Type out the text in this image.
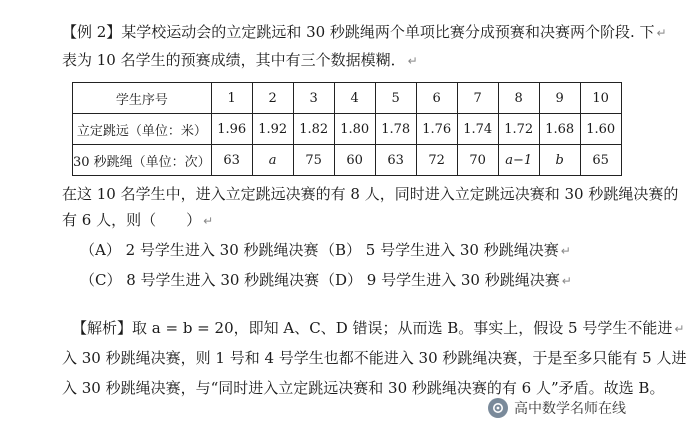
【例 2】某学校运动会的立定跳远和 30 秒跳绳两个单项比赛分成预赛和决赛两个阶段. 下 ↵
表为 10 名学生的预赛成绩，其中有三个数据模糊． ↵
学生序号	1	2	3	4	5	6	7	8	9	10
立定跳远（单位：米）	1.96	1.92	1.82	1.80	1.78	1.76	1.74	1.72	1.68	1.60
30 秒跳绳（单位：次）	63	a	75	60	63	72	70	a−1	b	65
在这 10 名学生中，进入立定跳远决赛的有 8 人，同时进入立定跳远决赛和 30 秒跳绳决赛的
有 6 人，则（　　） ↵
（A） 2 号学生进入 30 秒跳绳决赛 （B） 5 号学生进入 30 秒跳绳决赛 ↵
（C） 8 号学生进入 30 秒跳绳决赛 （D） 9 号学生进入 30 秒跳绳决赛 ↵
【解析】取 a = b = 20，即知 A、C、D 错误；从而选 B。事实上，假设 5 号学生不能进 ↵
入 30 秒跳绳决赛，则 1 号和 4 号学生也都不能进入 30 秒跳绳决赛，于是至多只能有 5 人进
入 30 秒跳绳决赛，与“同时进入立定跳远决赛和 30 秒跳绳决赛的有 6 人”矛盾。故选 B。
高中数学名师在线
